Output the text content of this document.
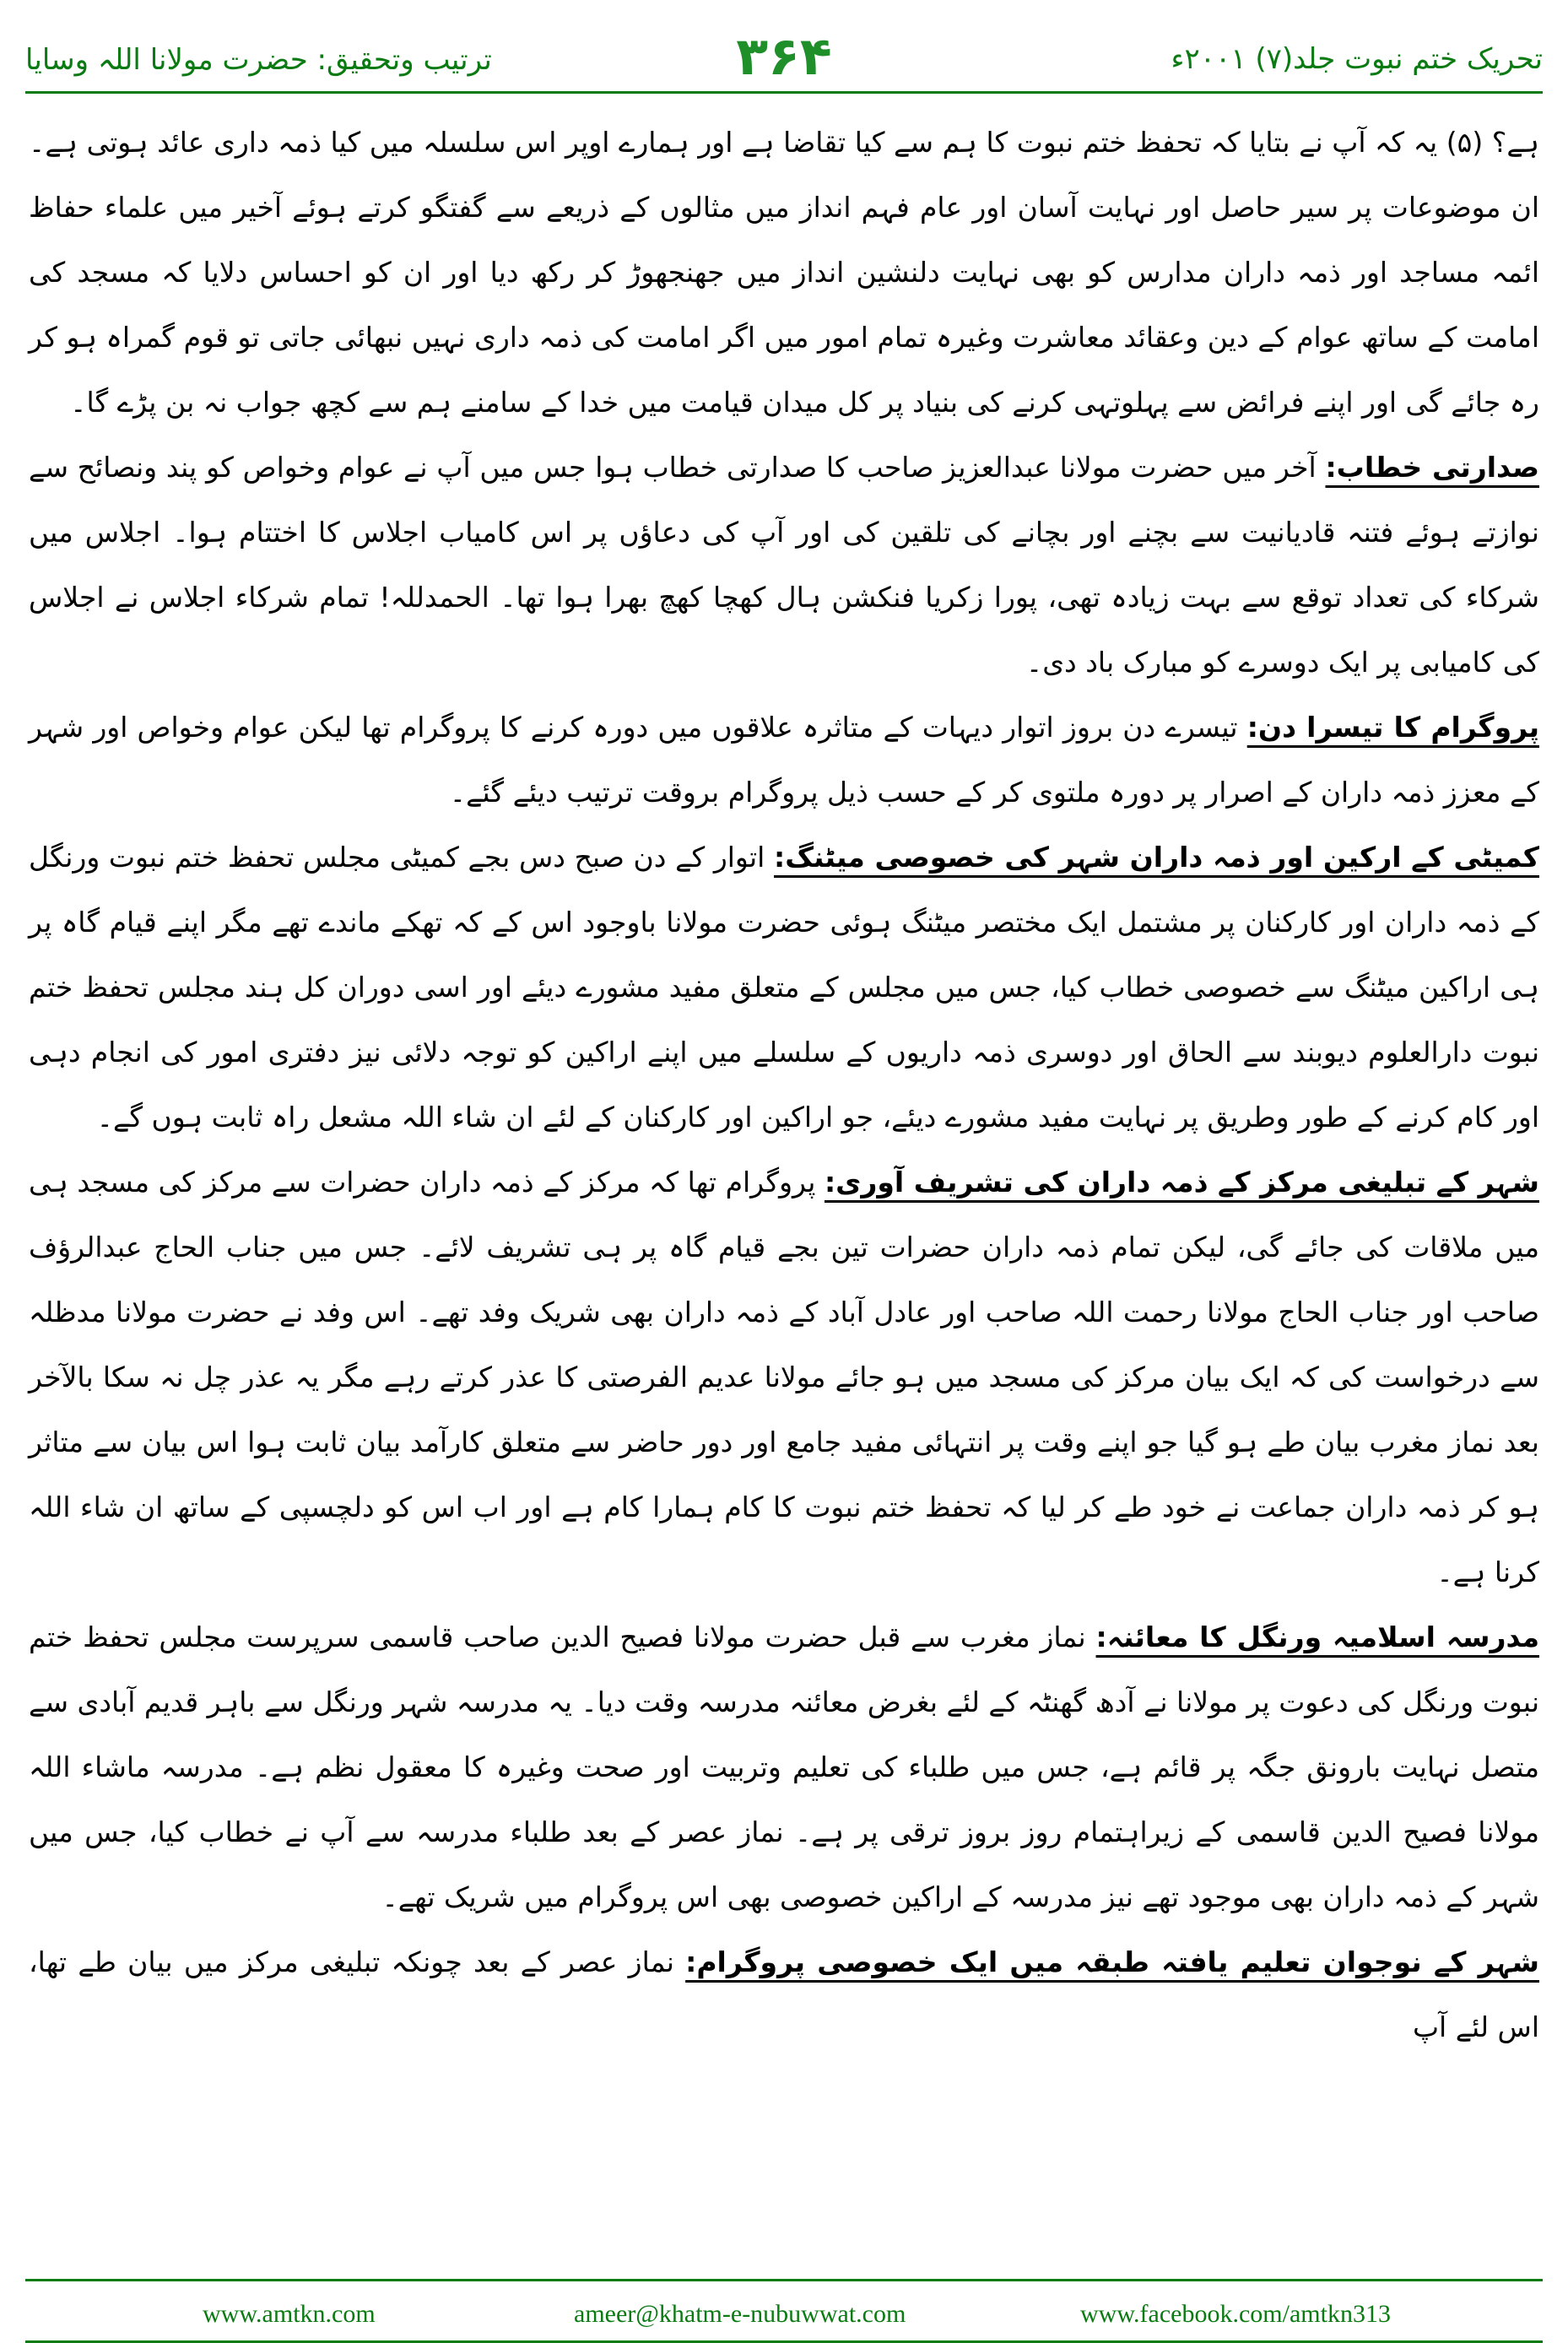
ترتیب وتحقیق: حضرت مولانا اللہ وسایا	۳۶۴	تحریک ختم نبوت جلد(۷) ۲۰۰۱ء

ہے؟ (۵) یہ کہ آپ نے بتایا کہ تحفظ ختم نبوت کا ہم سے کیا تقاضا ہے اور ہمارے اوپر اس سلسلہ میں کیا ذمہ داری عائد ہوتی ہے۔ ان موضوعات پر سیر حاصل اور نہایت آسان اور عام فہم انداز میں مثالوں کے ذریعے سے گفتگو کرتے ہوئے آخیر میں علماء حفاظ ائمہ مساجد اور ذمہ داران مدارس کو بھی نہایت دلنشین انداز میں جھنجھوڑ کر رکھ دیا اور ان کو احساس دلایا کہ مسجد کی امامت کے ساتھ عوام کے دین وعقائد معاشرت وغیرہ تمام امور میں اگر امامت کی ذمہ داری نہیں نبھائی جاتی تو قوم گمراہ ہو کر رہ جائے گی اور اپنے فرائض سے پہلوتہی کرنے کی بنیاد پر کل میدان قیامت میں خدا کے سامنے ہم سے کچھ جواب نہ بن پڑے گا۔

صدارتی خطاب: آخر میں حضرت مولانا عبدالعزیز صاحب کا صدارتی خطاب ہوا جس میں آپ نے عوام وخواص کو پند ونصائح سے نوازتے ہوئے فتنہ قادیانیت سے بچنے اور بچانے کی تلقین کی اور آپ کی دعاؤں پر اس کامیاب اجلاس کا اختتام ہوا۔ اجلاس میں شرکاء کی تعداد توقع سے بہت زیادہ تھی، پورا زکریا فنکشن ہال کھچا کھچ بھرا ہوا تھا۔ الحمدللہ! تمام شرکاء اجلاس نے اجلاس کی کامیابی پر ایک دوسرے کو مبارک باد دی۔

پروگرام کا تیسرا دن: تیسرے دن بروز اتوار دیہات کے متاثرہ علاقوں میں دورہ کرنے کا پروگرام تھا لیکن عوام وخواص اور شہر کے معزز ذمہ داران کے اصرار پر دورہ ملتوی کر کے حسب ذیل پروگرام بروقت ترتیب دیئے گئے۔

کمیٹی کے ارکین اور ذمہ داران شہر کی خصوصی میٹنگ: اتوار کے دن صبح دس بجے کمیٹی مجلس تحفظ ختم نبوت ورنگل کے ذمہ داران اور کارکنان پر مشتمل ایک مختصر میٹنگ ہوئی حضرت مولانا باوجود اس کے کہ تھکے ماندے تھے مگر اپنے قیام گاہ پر ہی اراکین میٹنگ سے خصوصی خطاب کیا، جس میں مجلس کے متعلق مفید مشورے دیئے اور اسی دوران کل ہند مجلس تحفظ ختم نبوت دارالعلوم دیوبند سے الحاق اور دوسری ذمہ داریوں کے سلسلے میں اپنے اراکین کو توجہ دلائی نیز دفتری امور کی انجام دہی اور کام کرنے کے طور وطریق پر نہایت مفید مشورے دیئے، جو اراکین اور کارکنان کے لئے ان شاء اللہ مشعل راہ ثابت ہوں گے۔

شہر کے تبلیغی مرکز کے ذمہ داران کی تشریف آوری: پروگرام تھا کہ مرکز کے ذمہ داران حضرات سے مرکز کی مسجد ہی میں ملاقات کی جائے گی، لیکن تمام ذمہ داران حضرات تین بجے قیام گاہ پر ہی تشریف لائے۔ جس میں جناب الحاج عبدالرؤف صاحب اور جناب الحاج مولانا رحمت اللہ صاحب اور عادل آباد کے ذمہ داران بھی شریک وفد تھے۔ اس وفد نے حضرت مولانا مدظلہ سے درخواست کی کہ ایک بیان مرکز کی مسجد میں ہو جائے مولانا عدیم الفرصتی کا عذر کرتے رہے مگر یہ عذر چل نہ سکا بالآخر بعد نماز مغرب بیان طے ہو گیا جو اپنے وقت پر انتہائی مفید جامع اور دور حاضر سے متعلق کارآمد بیان ثابت ہوا اس بیان سے متاثر ہو کر ذمہ داران جماعت نے خود طے کر لیا کہ تحفظ ختم نبوت کا کام ہمارا کام ہے اور اب اس کو دلچسپی کے ساتھ ان شاء اللہ کرنا ہے۔

مدرسہ اسلامیہ ورنگل کا معائنہ: نماز مغرب سے قبل حضرت مولانا فصیح الدین صاحب قاسمی سرپرست مجلس تحفظ ختم نبوت ورنگل کی دعوت پر مولانا نے آدھ گھنٹہ کے لئے بغرض معائنہ مدرسہ وقت دیا۔ یہ مدرسہ شہر ورنگل سے باہر قدیم آبادی سے متصل نہایت بارونق جگہ پر قائم ہے، جس میں طلباء کی تعلیم وتربیت اور صحت وغیرہ کا معقول نظم ہے۔ مدرسہ ماشاء اللہ مولانا فصیح الدین قاسمی کے زیراہتمام روز بروز ترقی پر ہے۔ نماز عصر کے بعد طلباء مدرسہ سے آپ نے خطاب کیا، جس میں شہر کے ذمہ داران بھی موجود تھے نیز مدرسہ کے اراکین خصوصی بھی اس پروگرام میں شریک تھے۔

شہر کے نوجوان تعلیم یافتہ طبقہ میں ایک خصوصی پروگرام: نماز عصر کے بعد چونکہ تبلیغی مرکز میں بیان طے تھا، اس لئے آپ

www.amtkn.com	ameer@khatm-e-nubuwwat.com	www.facebook.com/amtkn313
